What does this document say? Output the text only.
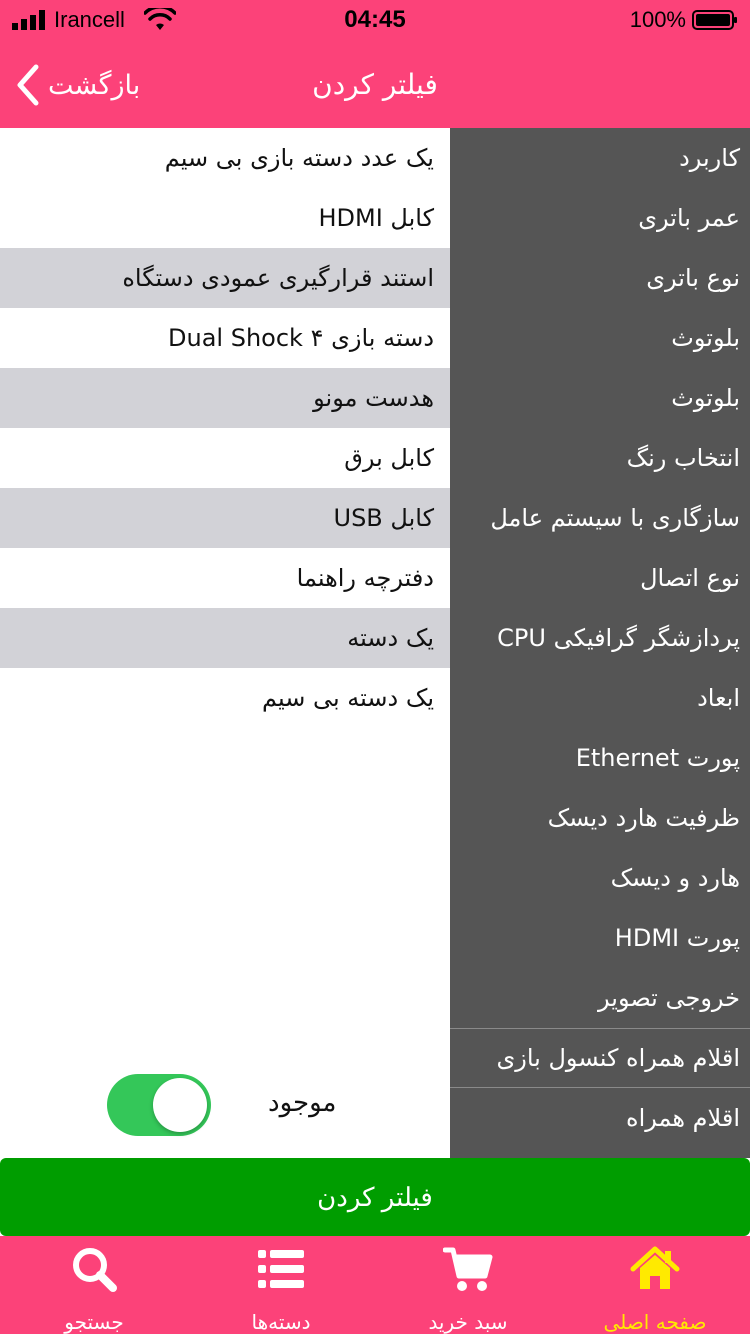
Irancell	04:45	100%
بازگشت	فیلتر کردن
کاربرد
عمر باتری
نوع باتری
بلوتوث
بلوتوث
انتخاب رنگ
سازگاری با سیستم عامل
نوع اتصال
پردازشگر گرافیکی CPU
ابعاد
پورت Ethernet
ظرفیت هارد دیسک
هارد و دیسک
پورت HDMI
خروجی تصویر
اقلام همراه کنسول بازی
اقلام همراه
یک عدد دسته بازی بی سیم
کابل HDMI
استند قرارگیری عمودی دستگاه
دسته بازی ۴ Dual Shock
هدست مونو
کابل برق
کابل USB
دفترچه راهنما
یک دسته
یک دسته بی سیم
موجود
فیلتر کردن
جستجو	دسته‌ها	سبد خرید	صفحه اصلی
